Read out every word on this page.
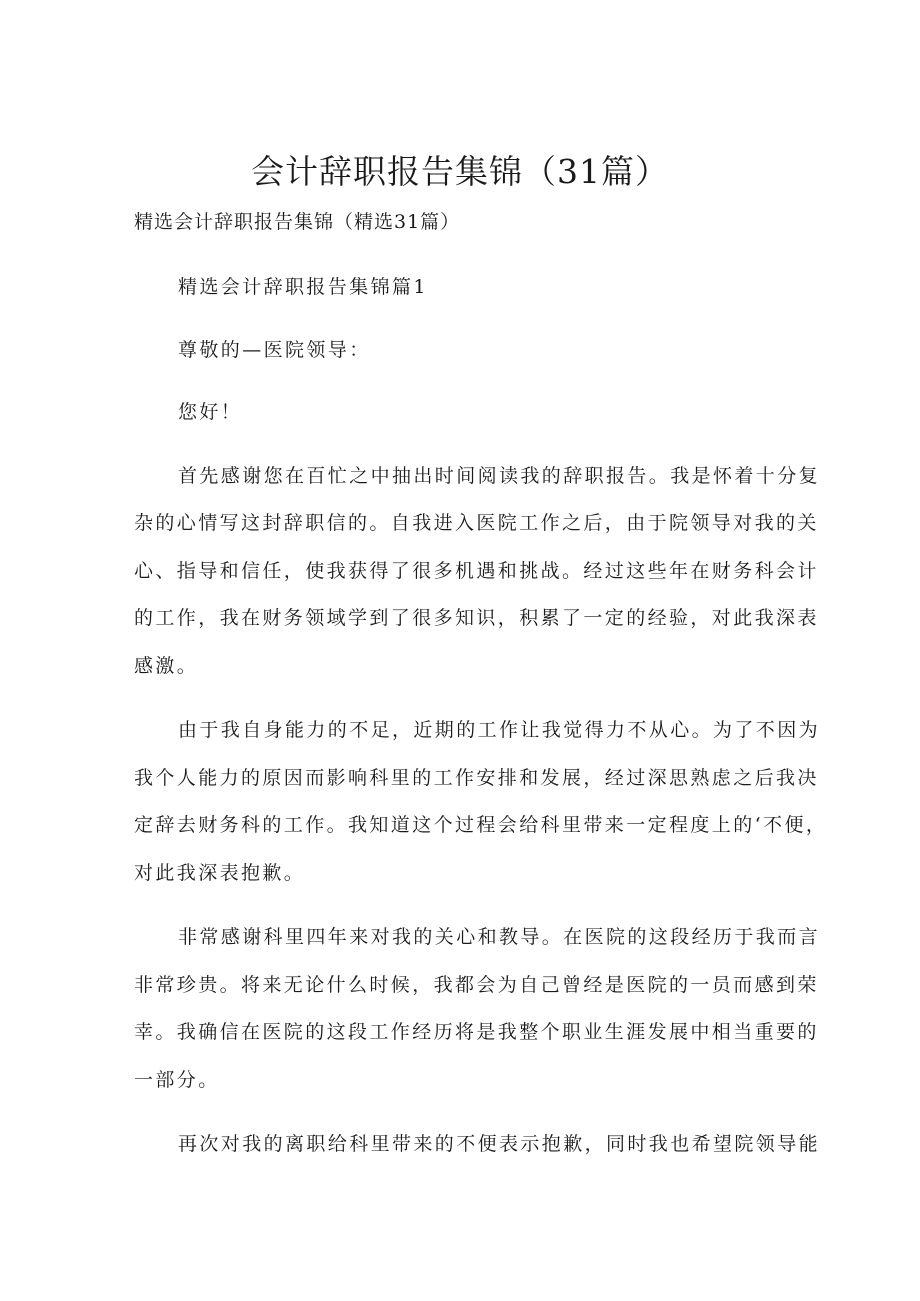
会计辞职报告集锦（31篇）

精选会计辞职报告集锦（精选31篇）

精选会计辞职报告集锦篇1

尊敬的—医院领导：

您好！

首先感谢您在百忙之中抽出时间阅读我的辞职报告。我是怀着十分复

杂的心情写这封辞职信的。自我进入医院工作之后，由于院领导对我的关

心、指导和信任，使我获得了很多机遇和挑战。经过这些年在财务科会计

的工作，我在财务领域学到了很多知识，积累了一定的经验，对此我深表

感激。

由于我自身能力的不足，近期的工作让我觉得力不从心。为了不因为

我个人能力的原因而影响科里的工作安排和发展，经过深思熟虑之后我决

定辞去财务科的工作。我知道这个过程会给科里带来一定程度上的‘不便，

对此我深表抱歉。

非常感谢科里四年来对我的关心和教导。在医院的这段经历于我而言

非常珍贵。将来无论什么时候，我都会为自己曾经是医院的一员而感到荣

幸。我确信在医院的这段工作经历将是我整个职业生涯发展中相当重要的

一部分。

再次对我的离职给科里带来的不便表示抱歉，同时我也希望院领导能
